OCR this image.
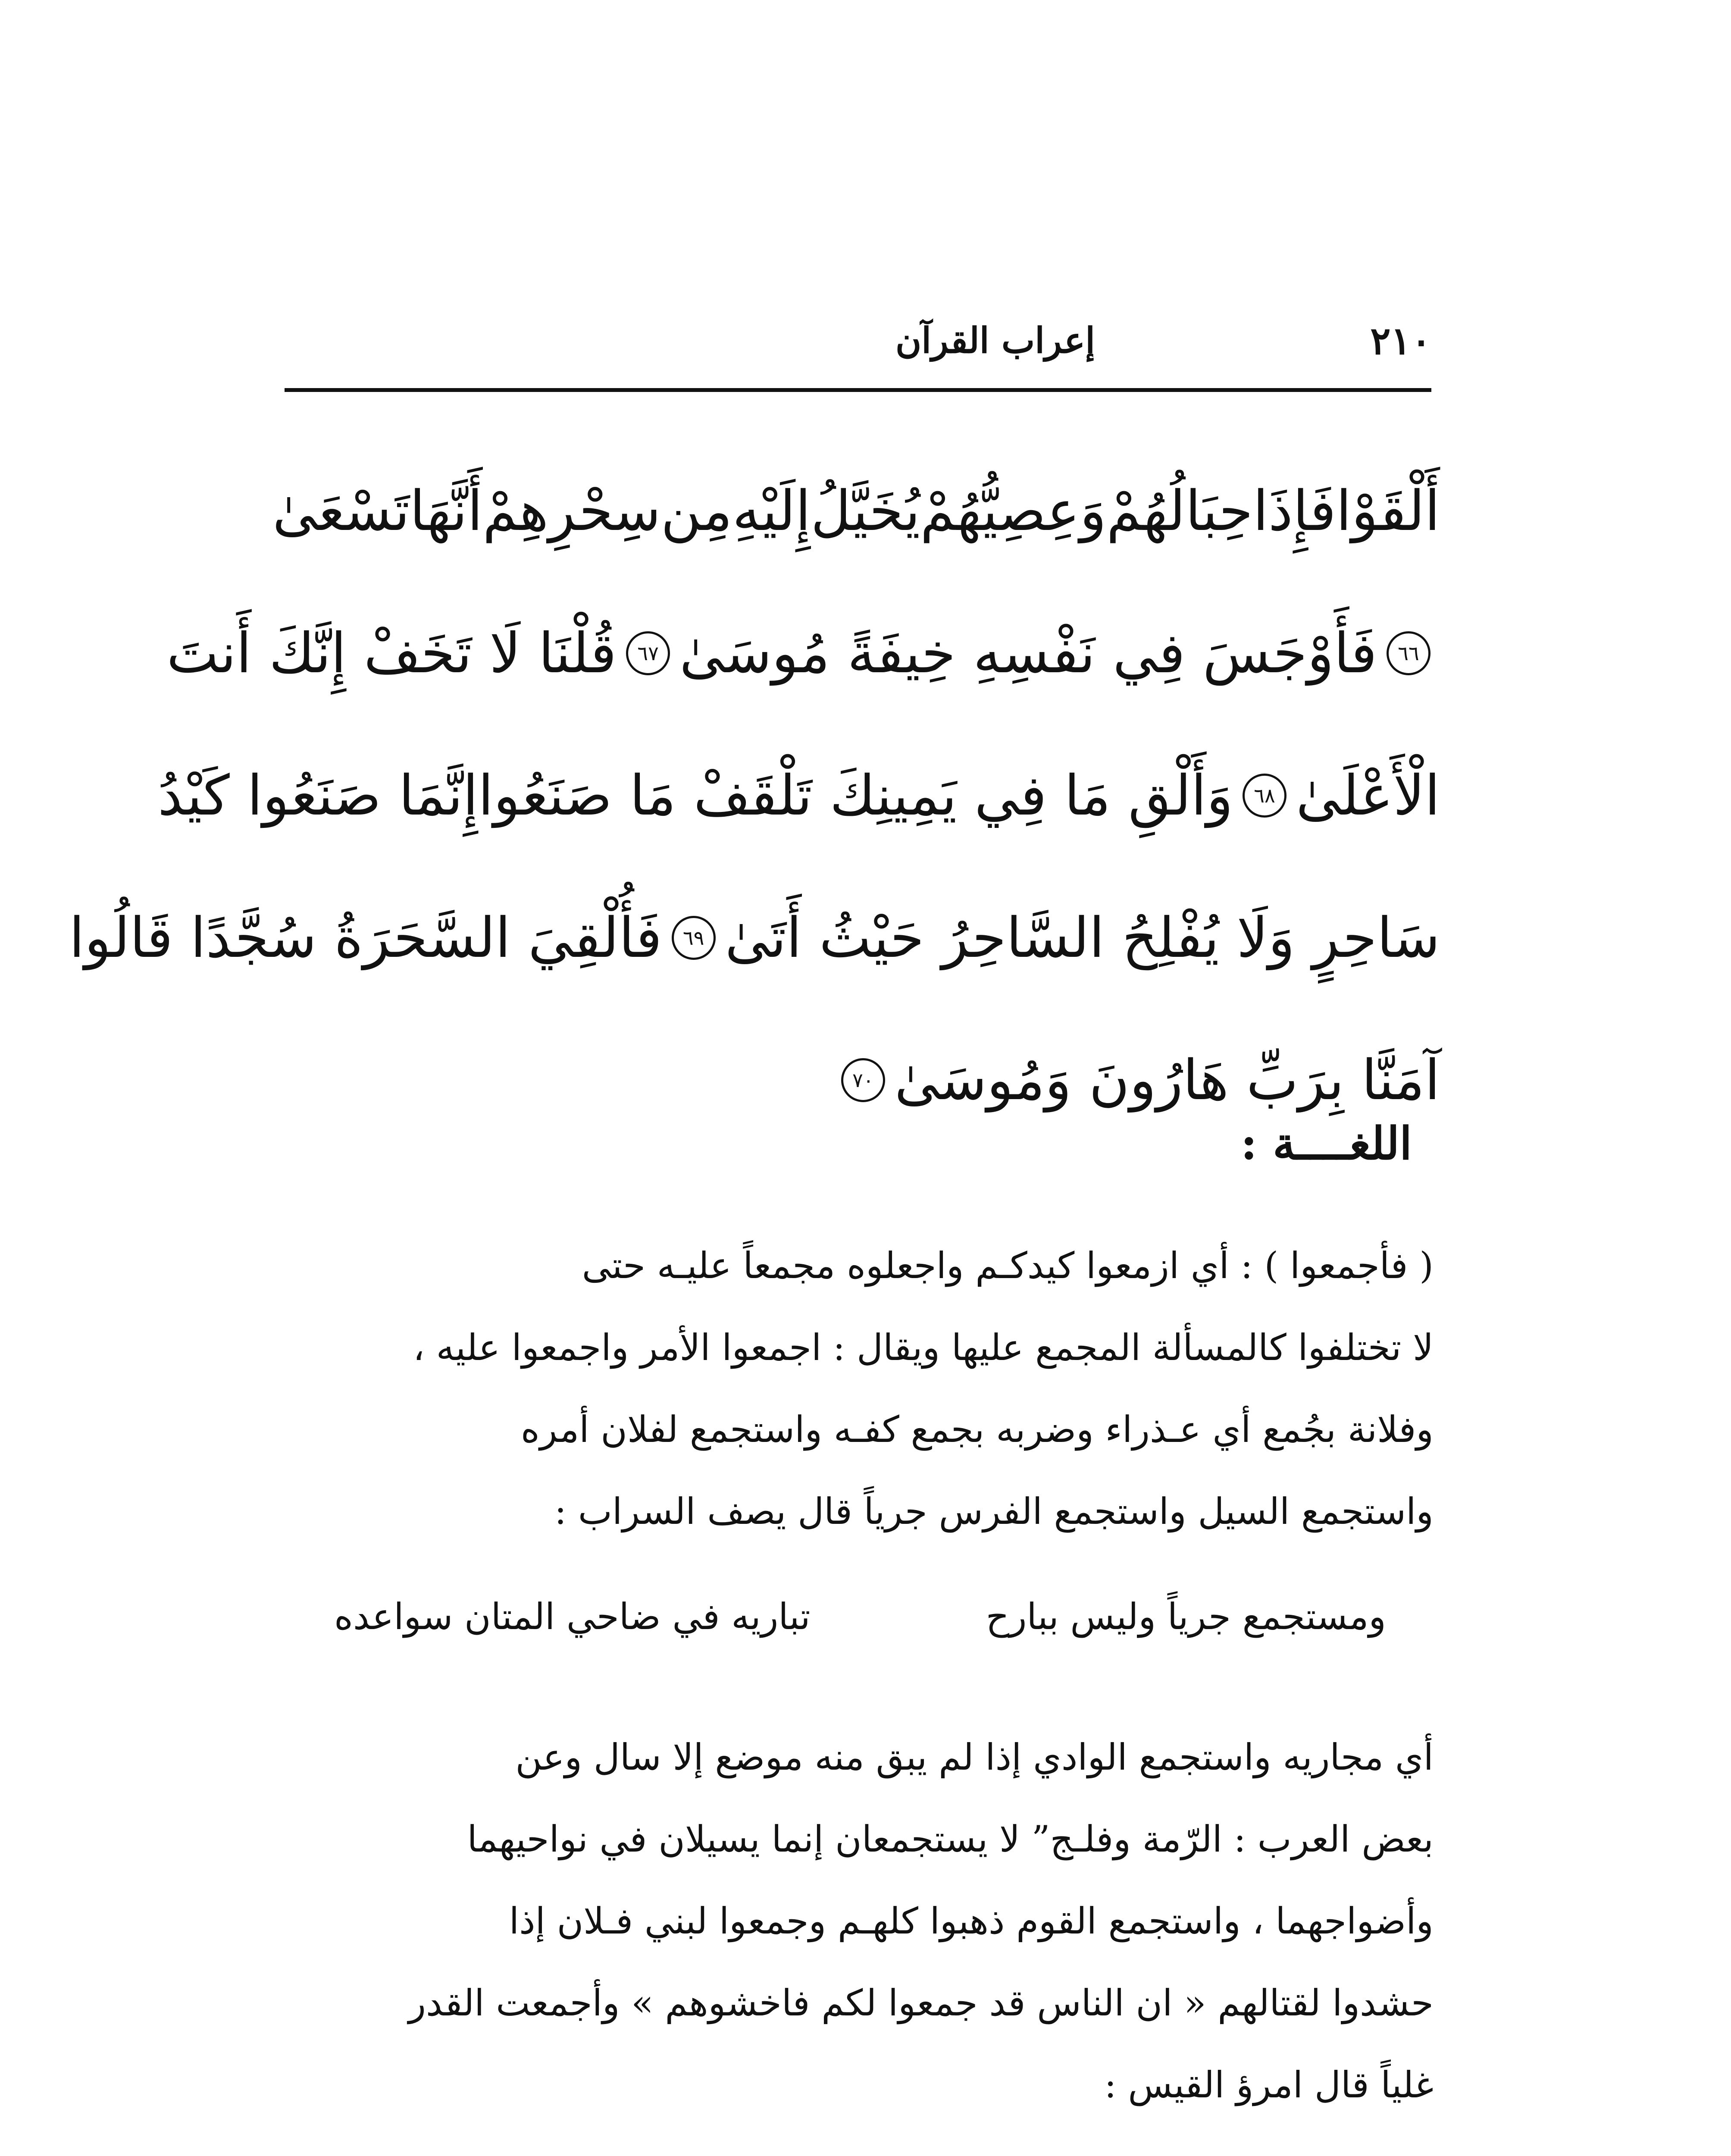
٢١٠
إعراب القرآن
أَلْقَوْا
فَإِذَا
حِبَالُهُمْ
وَعِصِيُّهُمْ
يُخَيَّلُ
إِلَيْهِ
مِن
سِحْرِهِمْ
أَنَّهَا
تَسْعَىٰ
٦٦
فَأَوْجَسَ فِي نَفْسِهِ خِيفَةً مُوسَىٰ
٦٧
قُلْنَا لَا تَخَفْ إِنَّكَ أَنتَ
الْأَعْلَىٰ
٦٨
وَأَلْقِ مَا فِي يَمِينِكَ تَلْقَفْ مَا صَنَعُوا
إِنَّمَا صَنَعُوا كَيْدُ
سَاحِرٍ وَلَا يُفْلِحُ السَّاحِرُ حَيْثُ أَتَىٰ
٦٩
فَأُلْقِيَ السَّحَرَةُ سُجَّدًا قَالُوا
آمَنَّا بِرَبِّ هَارُونَ وَمُوسَىٰ
٧٠
اللغــــة :
( فأجمعوا ) : أي ازمعوا كيدكـم واجعلوه مجمعاً عليـه حتى
لا تختلفوا كالمسألة المجمع عليها ويقال : اجمعوا الأمر واجمعوا عليه ،
وفلانة بجُمع أي عـذراء وضربه بجمع كفـه واستجمع لفلان أمره
واستجمع السيل واستجمع الفرس جرياً قال يصف السراب :
ومستجمع جرياً وليس ببارح
تباريه في ضاحي المتان سواعده
أي مجاريه واستجمع الوادي إذا لم يبق منه موضع إلا سال وعن
بعض العرب : الرّمة وفلـج” لا يستجمعان إنما يسيلان في نواحيهما
وأضواجهما ، واستجمع القوم ذهبوا كلهـم وجمعوا لبني فـلان إذا
حشدوا لقتالهم « ان الناس قد جمعوا لكم فاخشوهم » وأجمعت القدر
غلياً قال امرؤ القيس :
